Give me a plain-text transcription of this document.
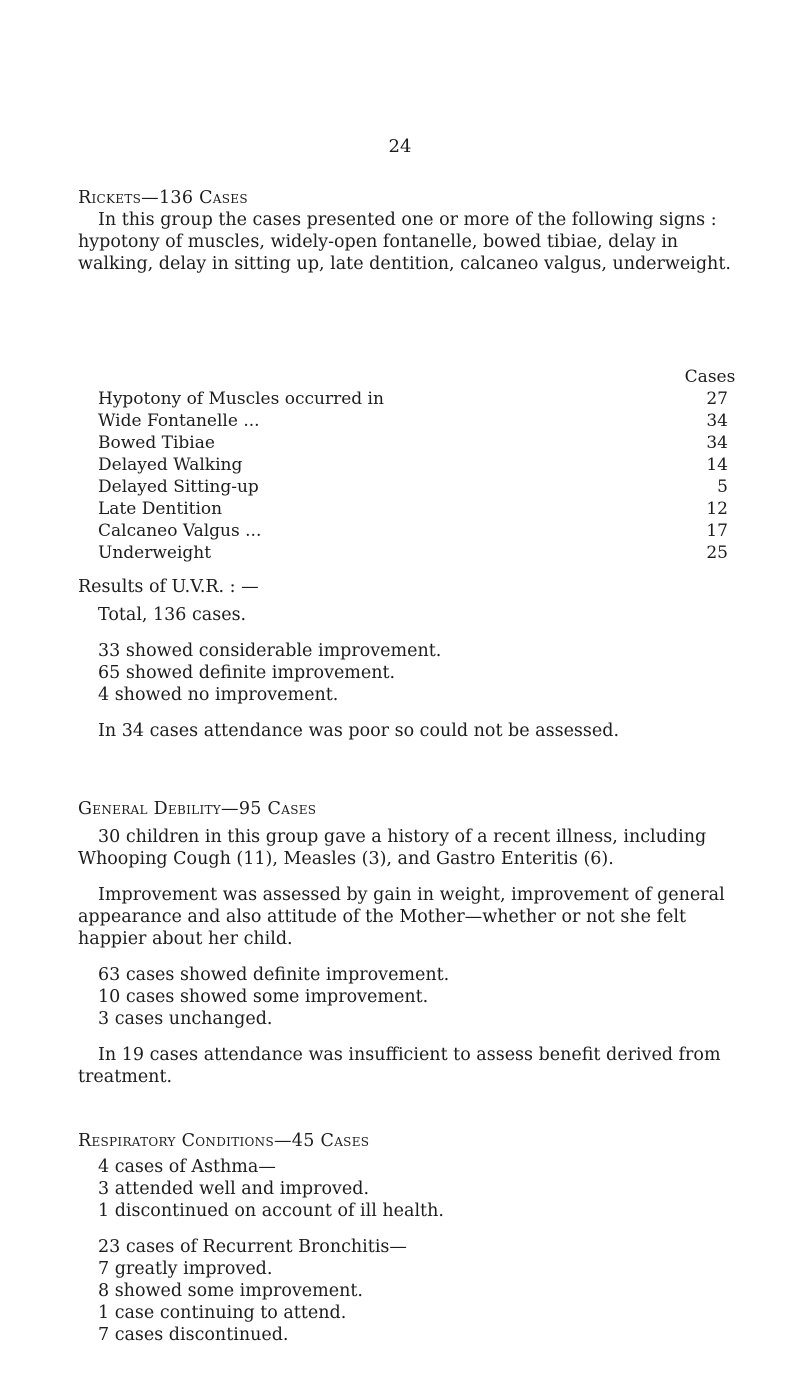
24

Rickets—136 Cases

In this group the cases presented one or more of the following signs :

hypotony of muscles, widely-open fontanelle, bowed tibiae, delay in

walking, delay in sitting up, late dentition, calcaneo valgus, underweight.

Cases
Hypotony of Muscles occurred in	27
Wide Fontanelle ...	34
Bowed Tibiae	34
Delayed Walking	14
Delayed Sitting-up	5
Late Dentition	12
Calcaneo Valgus ...	17
Underweight	25

Results of U.V.R. : —

Total, 136 cases.

33 showed considerable improvement.

65 showed definite improvement.

4 showed no improvement.

In 34 cases attendance was poor so could not be assessed.

General Debility—95 Cases

30 children in this group gave a history of a recent illness, including

Whooping Cough (11), Measles (3), and Gastro Enteritis (6).

Improvement was assessed by gain in weight, improvement of general

appearance and also attitude of the Mother—whether or not she felt

happier about her child.

63 cases showed definite improvement.

10 cases showed some improvement.

3 cases unchanged.

In 19 cases attendance was insufficient to assess benefit derived from

treatment.

Respiratory Conditions—45 Cases

4 cases of Asthma—

3 attended well and improved.

1 discontinued on account of ill health.

23 cases of Recurrent Bronchitis—

7 greatly improved.

8 showed some improvement.

1 case continuing to attend.

7 cases discontinued.
